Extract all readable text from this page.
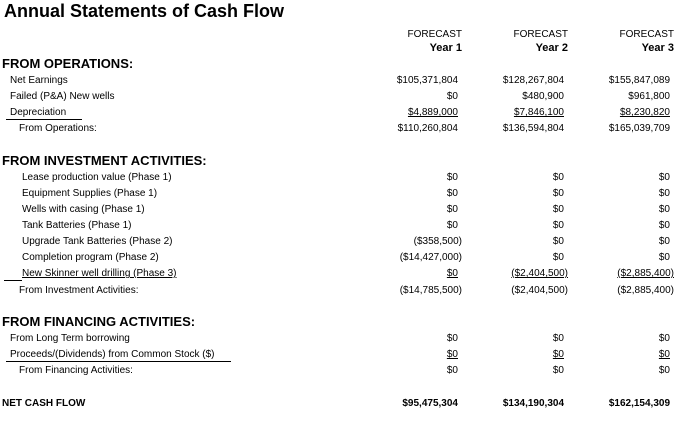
Annual Statements of Cash Flow
FORECAST	FORECAST	FORECAST
Year 1	Year 2	Year 3
FROM OPERATIONS:
Net Earnings	$105,371,804	$128,267,804	$155,847,089
Failed (P&A) New wells	$0	$480,900	$961,800
Depreciation	$4,889,000	$7,846,100	$8,230,820
From Operations:	$110,260,804	$136,594,804	$165,039,709
FROM INVESTMENT ACTIVITIES:
Lease production value (Phase 1)	$0	$0	$0
Equipment Supplies (Phase 1)	$0	$0	$0
Wells with casing (Phase 1)	$0	$0	$0
Tank Batteries (Phase 1)	$0	$0	$0
Upgrade Tank Batteries (Phase 2)	($358,500)	$0	$0
Completion program (Phase 2)	($14,427,000)	$0	$0
New Skinner well drilling (Phase 3)	$0	($2,404,500)	($2,885,400)
From Investment Activities:	($14,785,500)	($2,404,500)	($2,885,400)
FROM FINANCING ACTIVITIES:
From Long Term borrowing	$0	$0	$0
Proceeds/(Dividends) from Common Stock ($)	$0	$0	$0
From Financing Activities:	$0	$0	$0
NET CASH FLOW	$95,475,304	$134,190,304	$162,154,309
